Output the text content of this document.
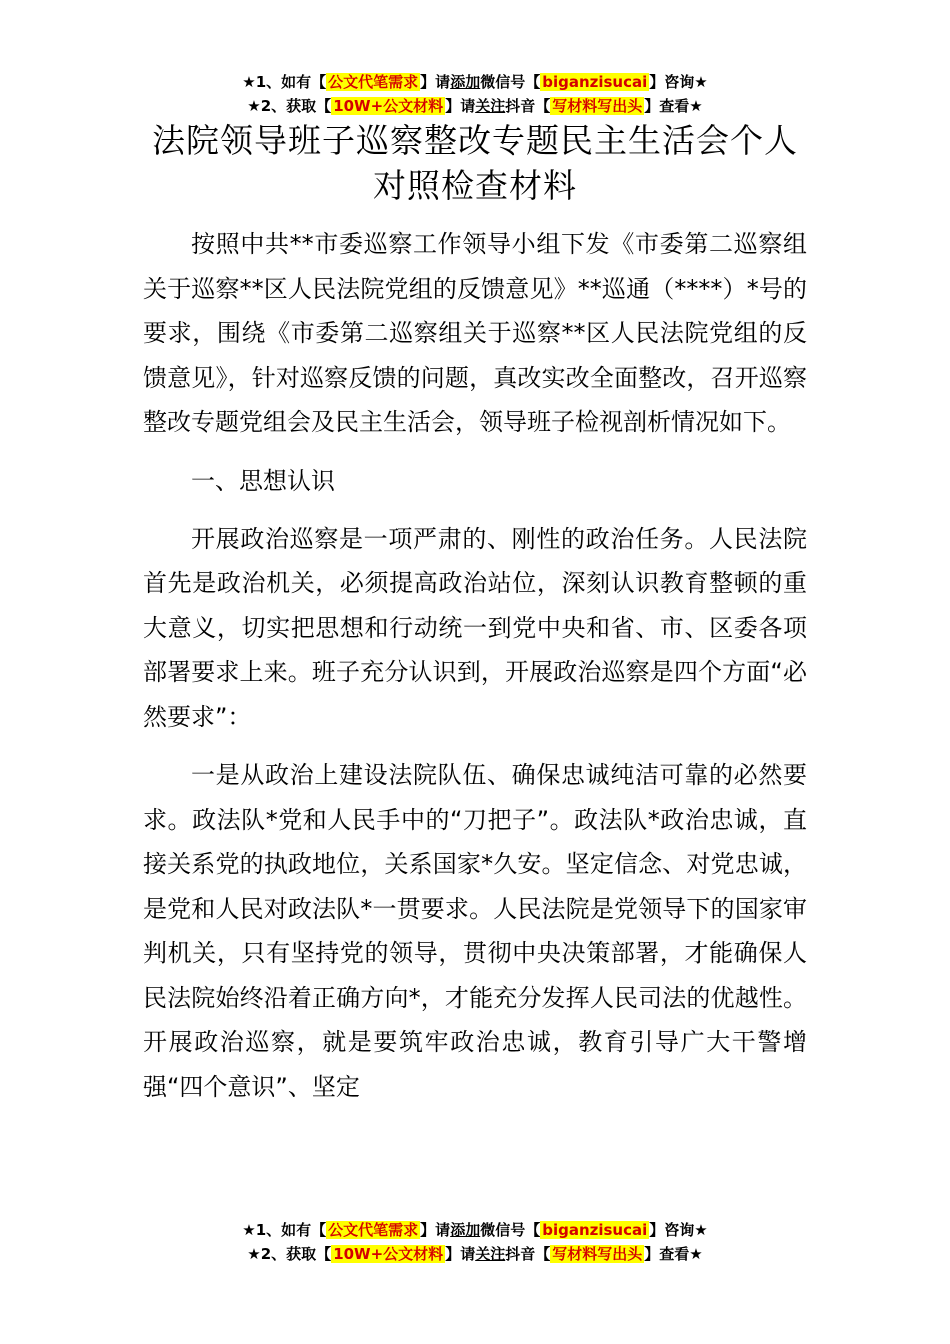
★1、如有【 公文代笔需求 】请添加微信号【 biganzisucai 】咨询★
★2、获取【 10W+公文材料 】请关注抖音【 写材料写出头 】查看★
法院领导班子巡察整改专题民主生活会个人对照检查材料

按照中共**市委巡察工作领导小组下发《市委第二巡察组关于巡察**区人民法院党组的反馈意见》**巡通（****）*号的要求，围绕《市委第二巡察组关于巡察**区人民法院党组的反馈意见》，针对巡察反馈的问题，真改实改全面整改，召开巡察整改专题党组会及民主生活会，领导班子检视剖析情况如下。

一、思想认识

开展政治巡察是一项严肃的、刚性的政治任务。人民法院首先是政治机关，必须提高政治站位，深刻认识教育整顿的重大意义，切实把思想和行动统一到党中央和省、市、区委各项部署要求上来。班子充分认识到，开展政治巡察是四个方面“必然要求”：

一是从政治上建设法院队伍、确保忠诚纯洁可靠的必然要求。政法队*党和人民手中的“刀把子”。政法队*政治忠诚，直接关系党的执政地位，关系国家*久安。坚定信念、对党忠诚，是党和人民对政法队*一贯要求。人民法院是党领导下的国家审判机关，只有坚持党的领导，贯彻中央决策部署，才能确保人民法院始终沿着正确方向*，才能充分发挥人民司法的优越性。开展政治巡察，就是要筑牢政治忠诚，教育引导广大干警增强“四个意识”、坚定

★1、如有【 公文代笔需求 】请添加微信号【 biganzisucai 】咨询★
★2、获取【 10W+公文材料 】请关注抖音【 写材料写出头 】查看★
